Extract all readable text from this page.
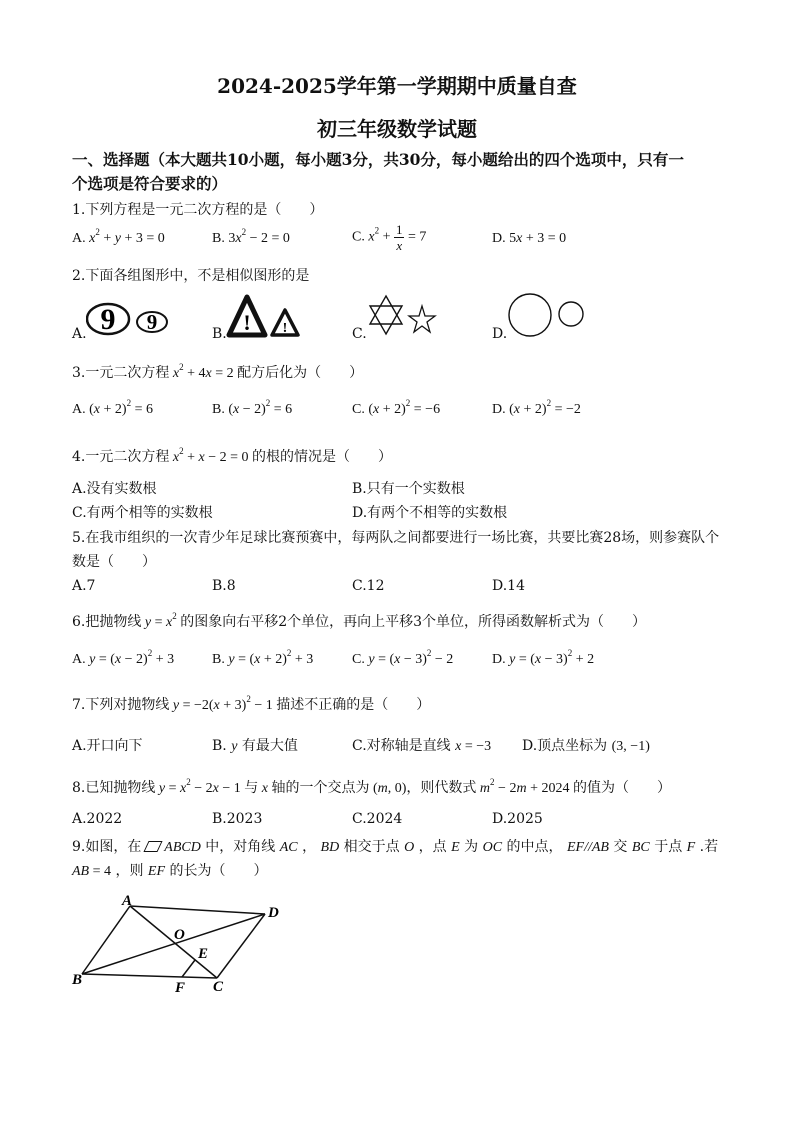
2024-2025学年第一学期期中质量自查
初三年级数学试题
一、选择题（本大题共10小题，每小题3分，共30分，每小题给出的四个选项中，只有一
个选项是符合要求的）
1.下列方程是一元二次方程的是（　　）
A. $x^2 + y + 3 = 0$	B. $3x^2 - 2 = 0$	C. $x^2 + \frac{1}{x} = 7$	D. 5x + 3 = 0
2.下面各组图形中，不是相似图形的是
A. 9 9	B. ! !	C.	D.
3.一元二次方程 $x^2 + 4x = 2$ 配方后化为（　　）
A. $(x + 2)^2 = 6$	B. $(x - 2)^2 = 6$	C. $(x + 2)^2 = -6$	D. $(x + 2)^2 = -2$
4.一元二次方程 $x^2 + x - 2 = 0$ 的根的情况是（　　）
A.没有实数根	B.只有一个实数根
C.有两个相等的实数根	D.有两个不相等的实数根
5.在我市组织的一次青少年足球比赛预赛中，每两队之间都要进行一场比赛，共要比赛28场，则参赛队个
数是（　　）
A.7	B.8	C.12	D.14
6.把抛物线 $y = x^2$ 的图象向右平移2个单位，再向上平移3个单位，所得函数解析式为（　　）
A. $y = (x - 2)^2 + 3$	B. $y = (x + 2)^2 + 3$	C. $y = (x - 3)^2 - 2$	D. $y = (x - 3)^2 + 2$
7.下列对抛物线 $y = -2(x + 3)^2 - 1$ 描述不正确的是（　　）
A.开口向下	B. y 有最大值	C.对称轴是直线 x = −3 D.顶点坐标为 (3, −1)
8.已知抛物线 $y = x^2 - 2x - 1$ 与 x 轴的一个交点为 (m, 0)，则代数式 $m^2 - 2m + 2024$ 的值为（　　）
A.2022	B.2023	C.2024	D.2025
9.如图，在  ABCD 中，对角线 AC ， BD 相交于点 O ，点 E 为 OC 的中点， EF//AB 交 BC 于点 F .若
AB = 4 ，则 EF 的长为（　　）
A
D
O
E
B	F C
